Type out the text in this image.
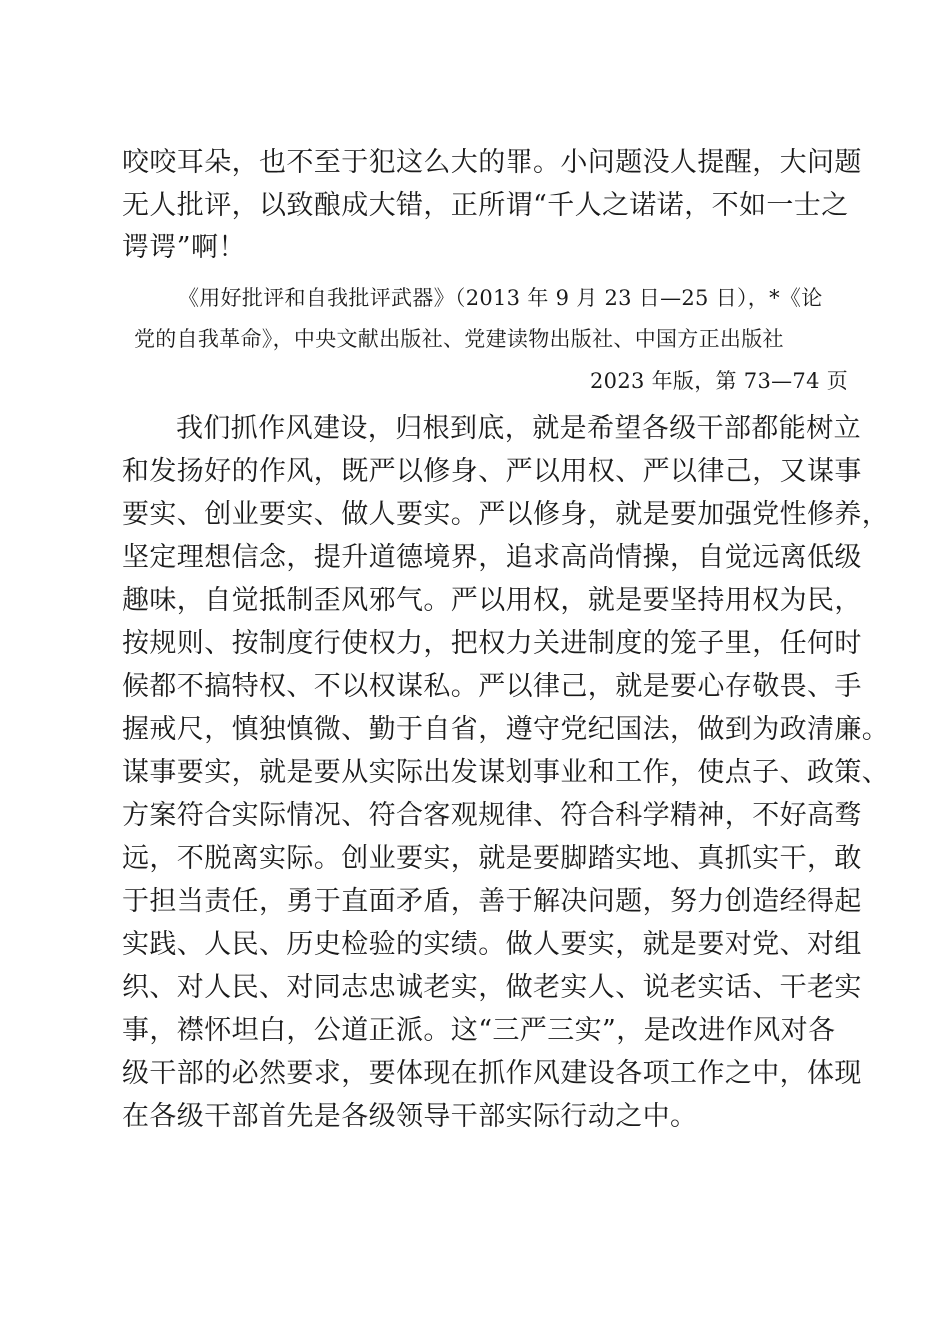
咬咬耳朵，也不至于犯这么大的罪。小问题没人提醒，大问题
无人批评，以致酿成大错，正所谓“千人之诺诺，不如一士之
谔谔”啊！
《用好批评和自我批评武器》（2013 年 9 月 23 日—25 日），*《论
党的自我革命》，中央文献出版社、党建读物出版社、中国方正出版社
2023 年版，第 73—74 页
我们抓作风建设，归根到底，就是希望各级干部都能树立
和发扬好的作风，既严以修身、严以用权、严以律己，又谋事
要实、创业要实、做人要实。严以修身，就是要加强党性修养，
坚定理想信念，提升道德境界，追求高尚情操，自觉远离低级
趣味，自觉抵制歪风邪气。严以用权，就是要坚持用权为民，
按规则、按制度行使权力，把权力关进制度的笼子里，任何时
候都不搞特权、不以权谋私。严以律己，就是要心存敬畏、手
握戒尺，慎独慎微、勤于自省，遵守党纪国法，做到为政清廉。
谋事要实，就是要从实际出发谋划事业和工作，使点子、政策、
方案符合实际情况、符合客观规律、符合科学精神，不好高骛
远，不脱离实际。创业要实，就是要脚踏实地、真抓实干，敢
于担当责任，勇于直面矛盾，善于解决问题，努力创造经得起
实践、人民、历史检验的实绩。做人要实，就是要对党、对组
织、对人民、对同志忠诚老实，做老实人、说老实话、干老实
事，襟怀坦白，公道正派。这“三严三实”，是改进作风对各
级干部的必然要求，要体现在抓作风建设各项工作之中，体现
在各级干部首先是各级领导干部实际行动之中。
